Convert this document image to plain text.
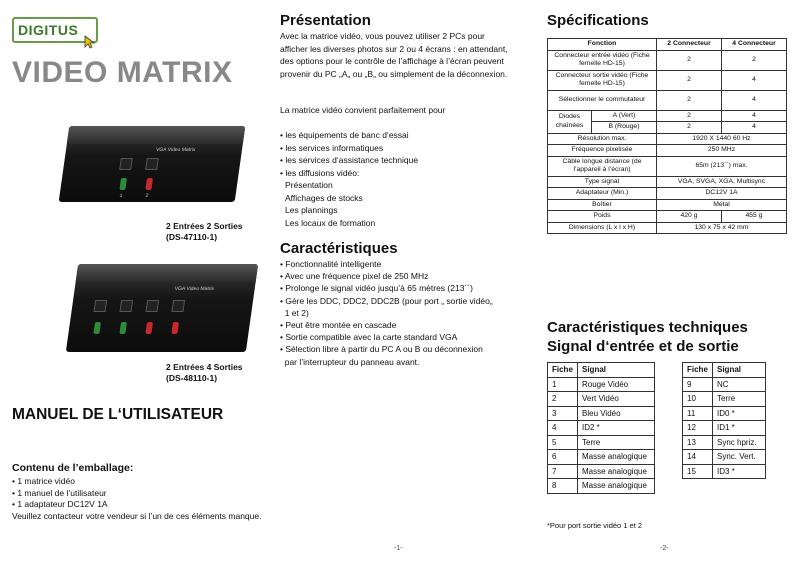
DIGITUS
VIDEO MATRIX
VGA Video Matrix
1	2
2 Entrées 2 Sorties
(DS-47110-1)
VGA Video Matrix
2 Entrées 4 Sorties
(DS-48110-1)
MANUEL DE L‘UTILISATEUR
Contenu de l’emballage:
• 1 matrice vidéo
• 1 manuel de l’utilisateur
• 1 adaptateur DC12V 1A
Veuillez contacteur votre vendeur si l’un de ces éléments manque.
Présentation
Avec la matrice vidéo, vous pouvez utiliser 2 PCs pour afficher les diverses photos sur 2 ou 4 écrans : en attendant, des options pour le contrôle de l’affichage à l’écran peuvent provenir du PC „A„ ou „B„ ou simplement de la déconnexion.
La matrice vidéo convient parfaitement pour
• les équipements de banc d‘essai
• les services informatiques
• les services d‘assistance technique
• les diffusions vidéo:
Présentation
Affichages de stocks
Les plannings
Les locaux de formation
Caractéristiques
• Fonctionnalité intelligente
• Avec une fréquence pixel de 250 MHz
• Prolonge le signal vidéo jusqu’à 65 mètres (213´´)
• Gère les DDC, DDC2, DDC2B (pour port „ sortie vidéo„
1 et 2)
• Peut être montée en cascade
• Sortie compatible avec la carte standard VGA
• Sélection libre à partir du PC A ou B ou déconnexion
par l’interrupteur du panneau avant.
-1-	-2-
Spécifications
Fonction		2 Connecteur	4 Connecteur
Connecteur entrée vidéo (Fiche femelle HD-15)		2	2
Connecteur sortie vidéo (Fiche femelle HD-15)		2	4
Sélectionner le commutateur		2	4
Diodes chaînées	A (Vert)	2	4
	B (Rouge)	2	4
Résolution max.		1920 X 1440 60 Hz	
Fréquence pixelisée		250 MHz	
Câble longue distance (de l’appareil à l’écran)		65m (213´´) max.	
Type signal		VGA, SVGA, XGA, Multisync	
Adaptateur (Min.)		DC12V 1A	
Boîtier		Métal	
Poids		420 g	455 g
Dimensions (L x l x H)		130 x 75 x 42 mm	
Caractéristiques techniques
Signal d‘entrée et de sortie
Fiche	Signal
1	Rouge Vidéo
2	Vert Vidéo
3	Bleu Vidéo
4	ID2 *
5	Terre
6	Masse analogique
7	Masse analogique
8	Masse analogique
Fiche	Signal
9	NC
10	Terre
11	ID0 *
12	ID1 *
13	Sync hpriz.
14	Sync. Vert.
15	ID3 *
*Pour port sortie vidéo 1 et 2
